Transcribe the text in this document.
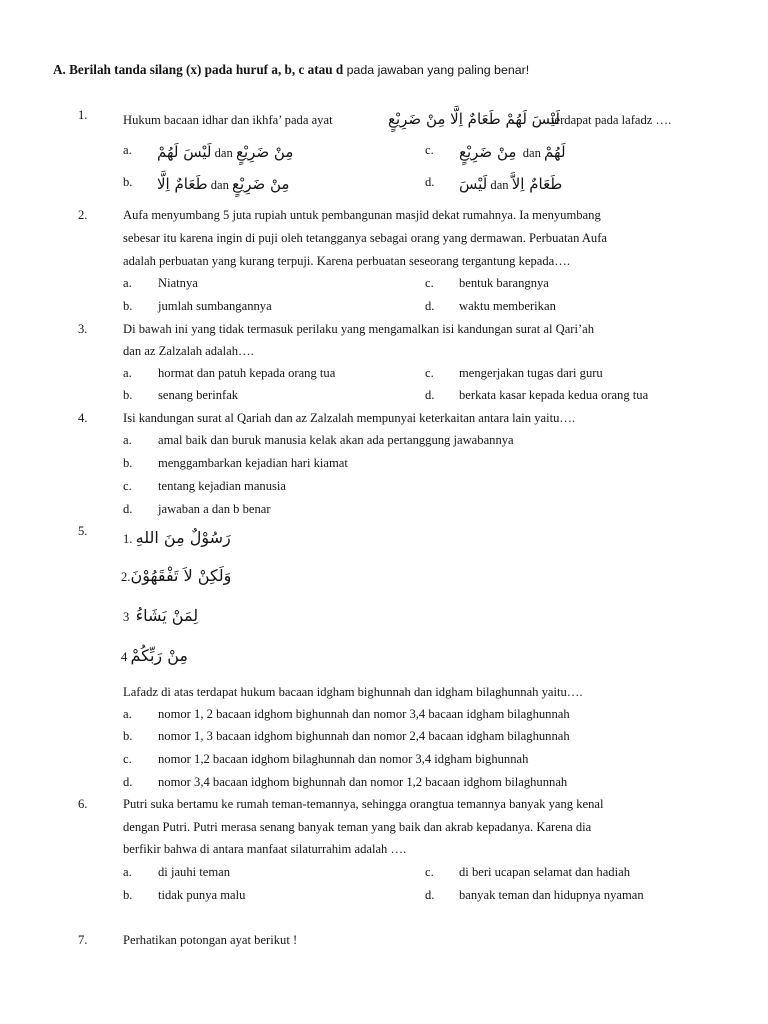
A. Berilah tanda silang (x) pada huruf a, b, c atau d pada jawaban yang paling benar!
1.	Hukum bacaan idhar dan ikhfa’ pada ayat	لَيْسَ لَهُمْ طَعَامٌ اِلَّا مِنْ ضَرِيْعٍ
terdapat pada lafadz ….
a. لَيْسَ لَهُمْ dan مِنْ ضَرِيْعٍ	c. مِنْ ضَرِيْعٍ dan لَهُمْ
b. طَعَامٌ اِلَّا dan مِنْ ضَرِيْعٍ	d. لَيْسَ dan طَعَامٌ اِلاَّ
2.	Aufa menyumbang 5 juta rupiah untuk pembangunan masjid dekat rumahnya. Ia menyumbang
sebesar itu karena ingin di puji oleh tetangganya sebagai orang yang dermawan. Perbuatan Aufa
adalah perbuatan yang kurang terpuji. Karena perbuatan seseorang tergantung kepada….
a. Niatnya	c. bentuk barangnya
b. jumlah sumbangannya	d. waktu memberikan
3.	Di bawah ini yang tidak termasuk perilaku yang mengamalkan isi kandungan surat al Qari’ah
dan az Zalzalah adalah….
a. hormat dan patuh kepada orang tua	c. mengerjakan tugas dari guru
b. senang berinfak	d. berkata kasar kepada kedua orang tua
4.	Isi kandungan surat al Qariah dan az Zalzalah mempunyai keterkaitan antara lain yaitu….
a. amal baik dan buruk manusia kelak akan ada pertanggung jawabannya
b. menggambarkan kejadian hari kiamat
c. tentang kejadian manusia
d. jawaban a dan b benar
5.
1. رَسُوْلٌ مِنَ اللهِ
2.وَلَكِنْ لاَ تَفْقَهُوْنَ
3 لِمَنْ يَشَاءُ
4 مِنْ رَبِّكُمْ
Lafadz di atas terdapat hukum bacaan idgham bighunnah dan idgham bilaghunnah yaitu….
a. nomor 1, 2 bacaan idghom bighunnah dan nomor 3,4 bacaan idgham bilaghunnah
b. nomor 1, 3 bacaan idghom bighunnah dan nomor 2,4 bacaan idgham bilaghunnah
c. nomor 1,2 bacaan idghom bilaghunnah dan nomor 3,4 idgham bighunnah
d. nomor 3,4 bacaan idghom bighunnah dan nomor 1,2 bacaan idghom bilaghunnah
6.	Putri suka bertamu ke rumah teman-temannya, sehingga orangtua temannya banyak yang kenal
dengan Putri. Putri merasa senang banyak teman yang baik dan akrab kepadanya. Karena dia
berfikir bahwa di antara manfaat silaturrahim adalah ….
a. di jauhi teman	c. di beri ucapan selamat dan hadiah
b. tidak punya malu	d. banyak teman dan hidupnya nyaman
7.	Perhatikan potongan ayat berikut !
